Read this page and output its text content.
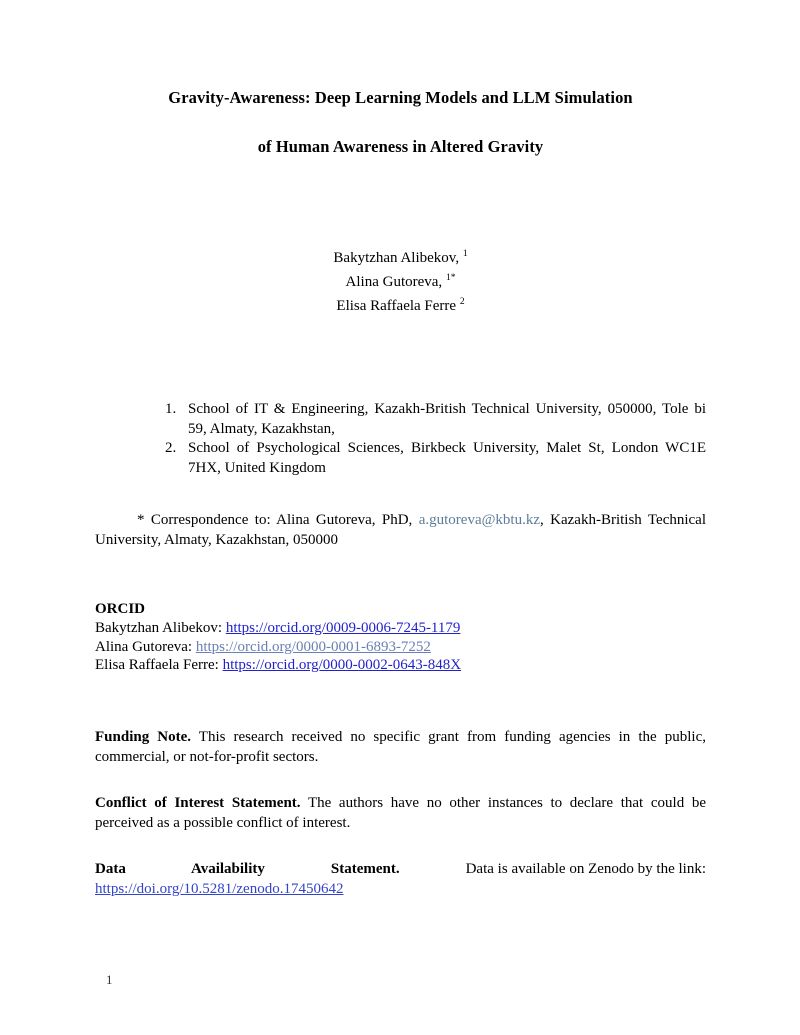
Gravity-Awareness: Deep Learning Models and LLM Simulation
of Human Awareness in Altered Gravity
Bakytzhan Alibekov, $^1$
Alina Gutoreva, $^{1*}$
Elisa Raffaela Ferre $^2$
1. School of IT & Engineering, Kazakh-British Technical University, 050000, Tole bi 59, Almaty, Kazakhstan,
2. School of Psychological Sciences, Birkbeck University, Malet St, London WC1E 7HX, United Kingdom
* Correspondence to: Alina Gutoreva, PhD, a.gutoreva@kbtu.kz, Kazakh-British Technical University, Almaty, Kazakhstan, 050000
ORCID
Bakytzhan Alibekov: https://orcid.org/0009-0006-7245-1179
Alina Gutoreva: https://orcid.org/0000-0001-6893-7252
Elisa Raffaela Ferre: https://orcid.org/0000-0002-0643-848X

Funding Note. This research received no specific grant from funding agencies in the public, commercial, or not-for-profit sectors.

Conflict of Interest Statement. The authors have no other instances to declare that could be perceived as a possible conflict of interest.

Data	Availability	Statement.	Data is available on Zenodo by the link:
https://doi.org/10.5281/zenodo.17450642

1
